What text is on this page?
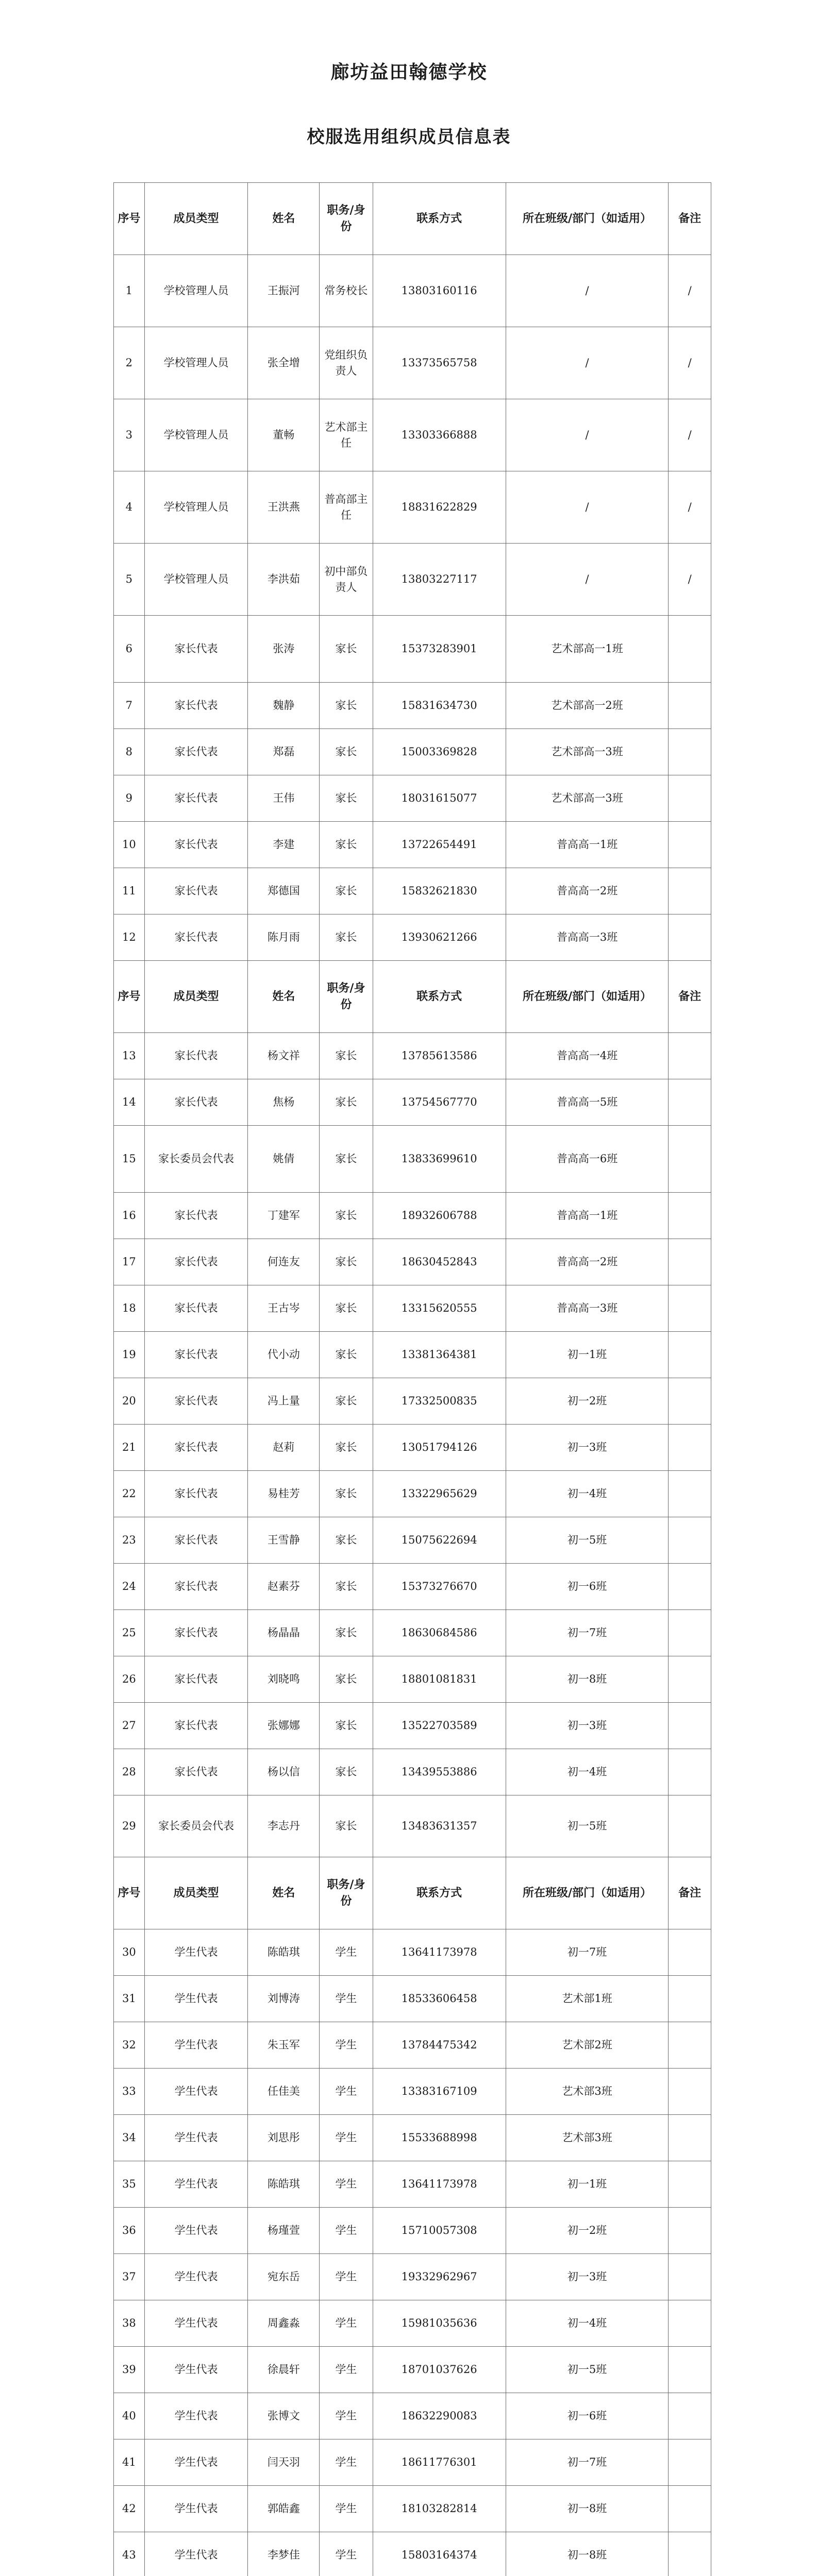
廊坊益田翰德学校
校服选用组织成员信息表
序号	成员类型	姓名	职务/身份	联系方式	所在班级/部门（如适用）	备注
1	学校管理人员	王振河	常务校长	13803160116	/	/
2	学校管理人员	张全增	党组织负责人	13373565758	/	/
3	学校管理人员	董畅	艺术部主任	13303366888	/	/
4	学校管理人员	王洪燕	普高部主任	18831622829	/	/
5	学校管理人员	李洪茹	初中部负责人	13803227117	/	/
6	家长代表	张涛	家长	15373283901	艺术部高一1班	
7	家长代表	魏静	家长	15831634730	艺术部高一2班	
8	家长代表	郑磊	家长	15003369828	艺术部高一3班	
9	家长代表	王伟	家长	18031615077	艺术部高一3班	
10	家长代表	李建	家长	13722654491	普高高一1班	
11	家长代表	郑德国	家长	15832621830	普高高一2班	
12	家长代表	陈月雨	家长	13930621266	普高高一3班	
序号	成员类型	姓名	职务/身份	联系方式	所在班级/部门（如适用）	备注
13	家长代表	杨文祥	家长	13785613586	普高高一4班	
14	家长代表	焦杨	家长	13754567770	普高高一5班	
15	家长委员会代表	姚倩	家长	13833699610	普高高一6班	
16	家长代表	丁建军	家长	18932606788	普高高一1班	
17	家长代表	何连友	家长	18630452843	普高高一2班	
18	家长代表	王古岑	家长	13315620555	普高高一3班	
19	家长代表	代小动	家长	13381364381	初一1班	
20	家长代表	冯上量	家长	17332500835	初一2班	
21	家长代表	赵莉	家长	13051794126	初一3班	
22	家长代表	易桂芳	家长	13322965629	初一4班	
23	家长代表	王雪静	家长	15075622694	初一5班	
24	家长代表	赵素芬	家长	15373276670	初一6班	
25	家长代表	杨晶晶	家长	18630684586	初一7班	
26	家长代表	刘晓鸣	家长	18801081831	初一8班	
27	家长代表	张娜娜	家长	13522703589	初一3班	
28	家长代表	杨以信	家长	13439553886	初一4班	
29	家长委员会代表	李志丹	家长	13483631357	初一5班	
序号	成员类型	姓名	职务/身份	联系方式	所在班级/部门（如适用）	备注
30	学生代表	陈皓琪	学生	13641173978	初一7班	
31	学生代表	刘博涛	学生	18533606458	艺术部1班	
32	学生代表	朱玉军	学生	13784475342	艺术部2班	
33	学生代表	任佳美	学生	13383167109	艺术部3班	
34	学生代表	刘思彤	学生	15533688998	艺术部3班	
35	学生代表	陈皓琪	学生	13641173978	初一1班	
36	学生代表	杨瑾萱	学生	15710057308	初一2班	
37	学生代表	宛东岳	学生	19332962967	初一3班	
38	学生代表	周鑫淼	学生	15981035636	初一4班	
39	学生代表	徐晨轩	学生	18701037626	初一5班	
40	学生代表	张博文	学生	18632290083	初一6班	
41	学生代表	闫天羽	学生	18611776301	初一7班	
42	学生代表	郭皓鑫	学生	18103282814	初一8班	
43	学生代表	李梦佳	学生	15803164374	初一8班	
